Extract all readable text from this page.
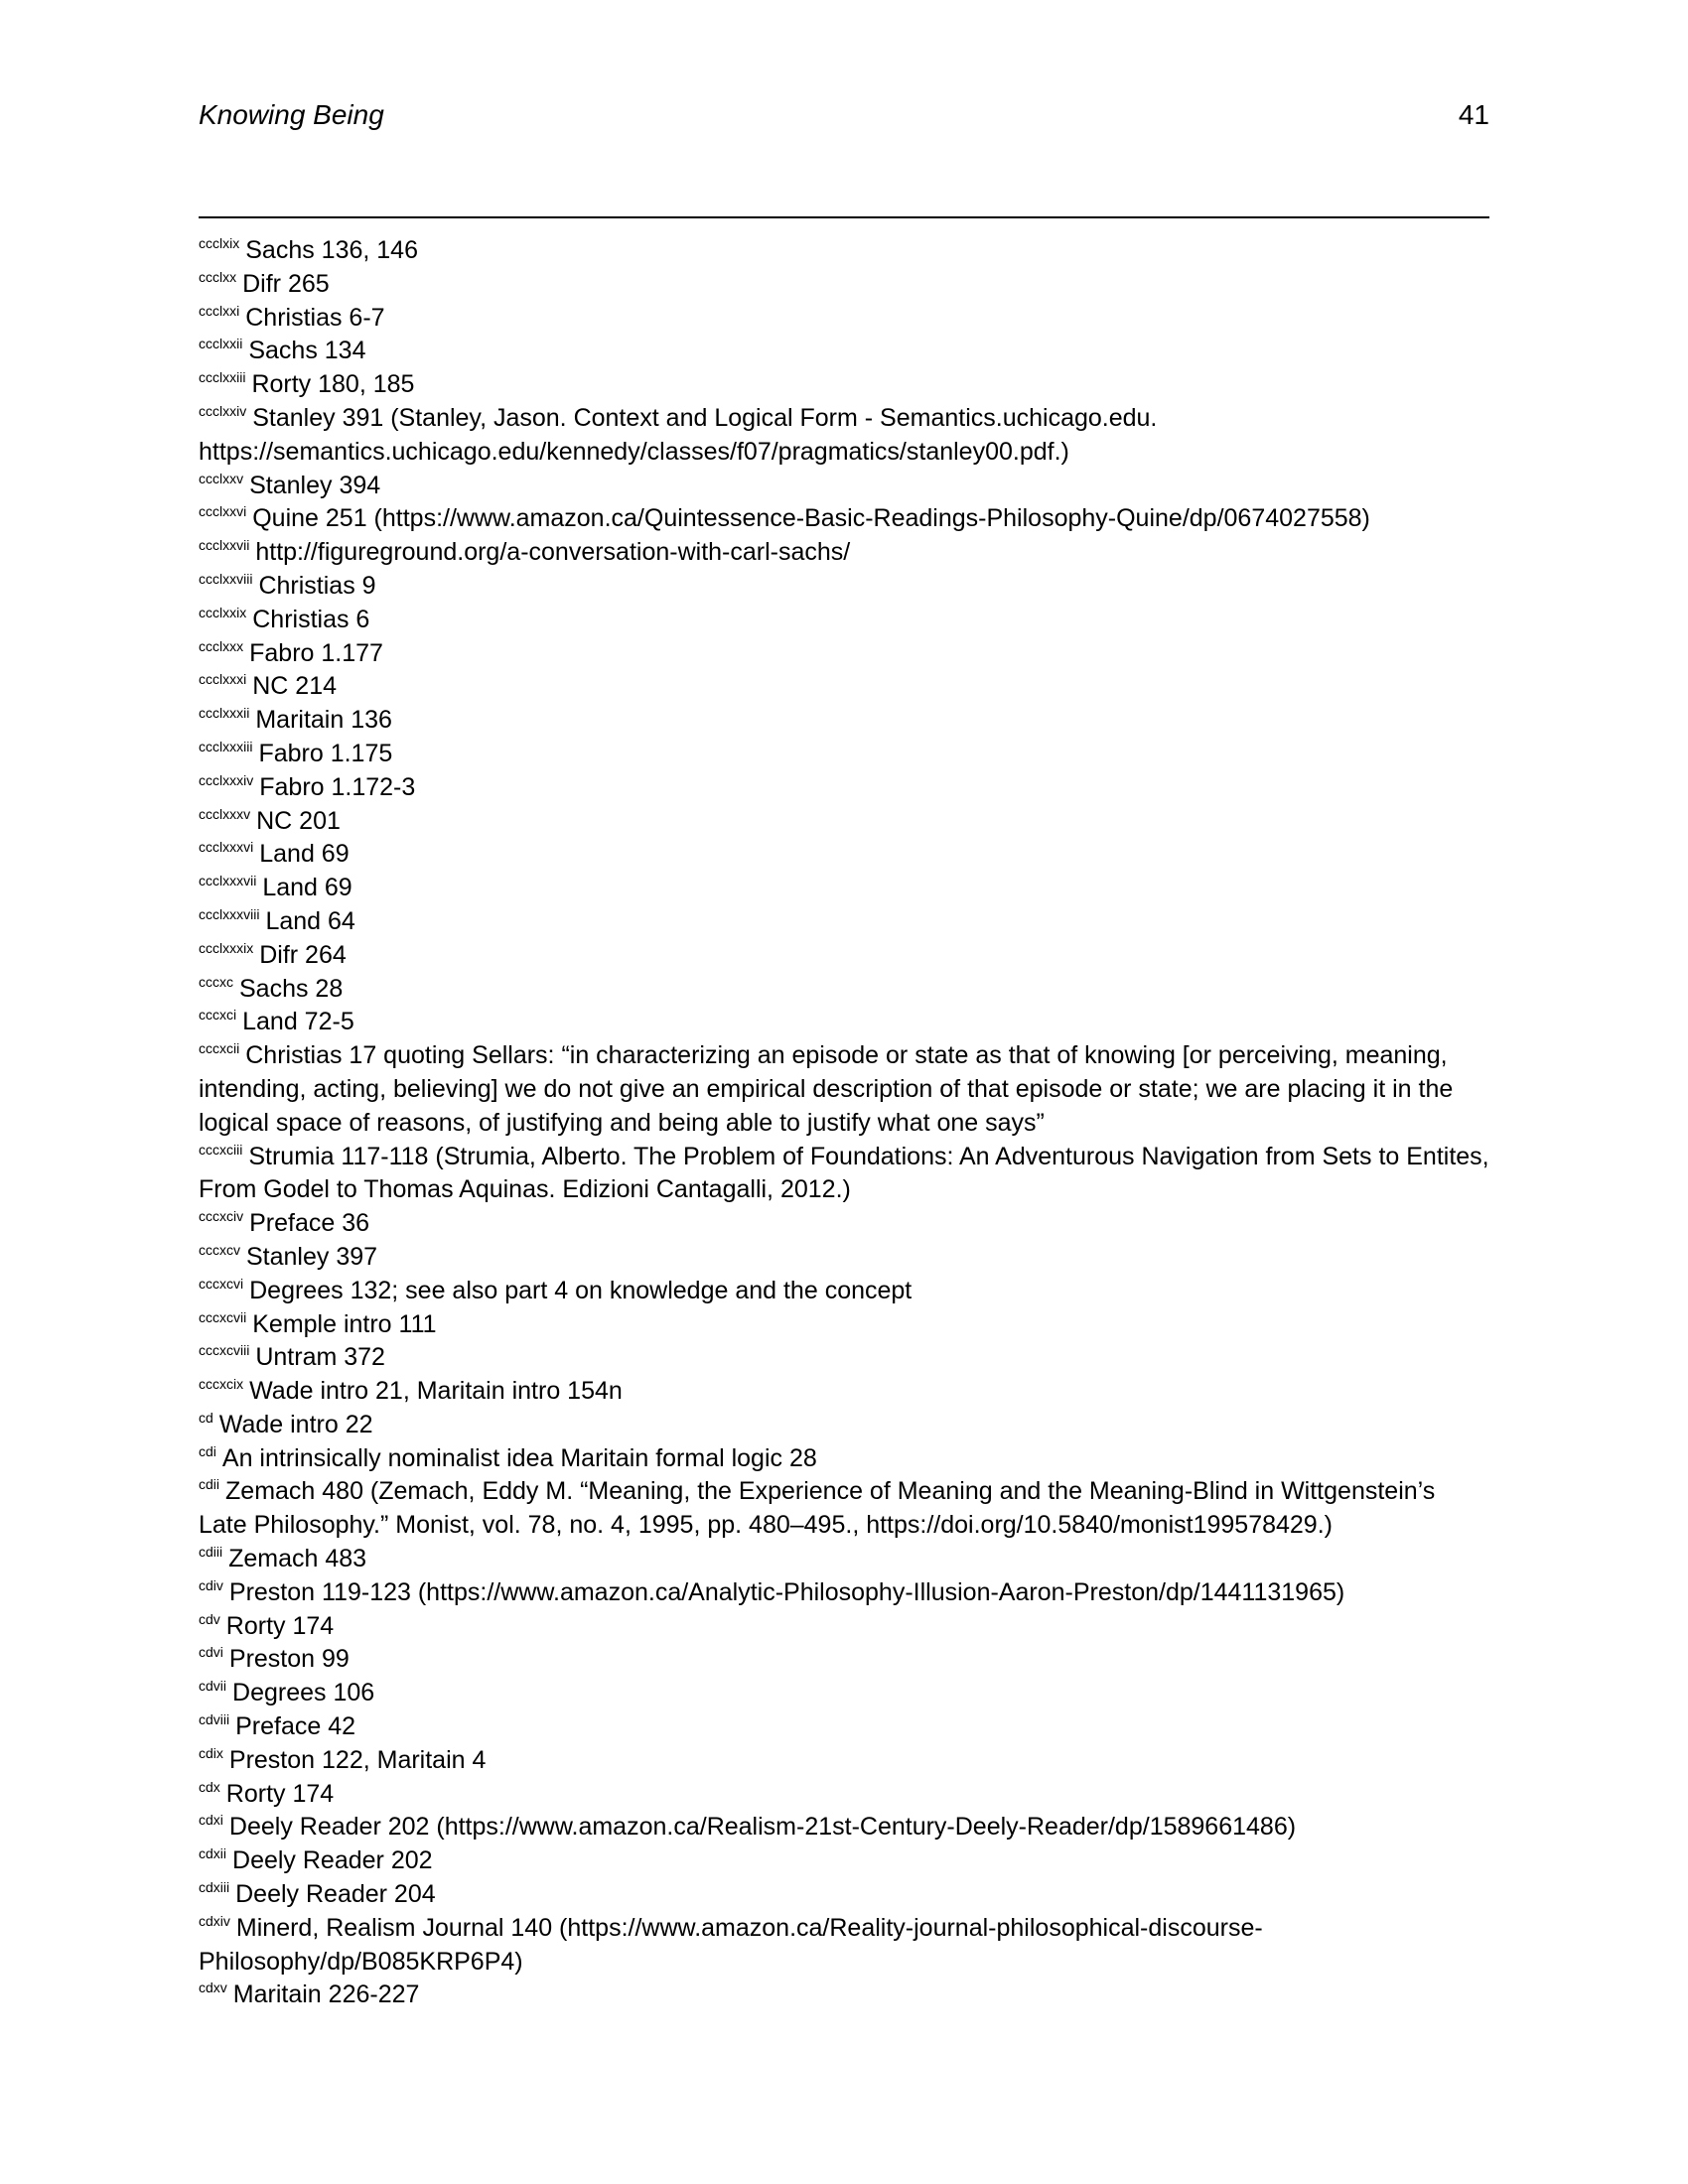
Knowing Being	41
$^{ccclxix}$ Sachs 136, 146
$^{ccclxx}$ Difr 265
$^{ccclxxi}$ Christias 6-7
$^{ccclxxii}$ Sachs 134
$^{ccclxxiii}$ Rorty 180, 185
$^{ccclxxiv}$ Stanley 391 (Stanley, Jason. Context and Logical Form - Semantics.uchicago.edu. https://semantics.uchicago.edu/kennedy/classes/f07/pragmatics/stanley00.pdf.)
$^{ccclxxv}$ Stanley 394
$^{ccclxxvi}$ Quine 251 (https://www.amazon.ca/Quintessence-Basic-Readings-Philosophy-Quine/dp/0674027558)
$^{ccclxxvii}$ http://figureground.org/a-conversation-with-carl-sachs/
$^{ccclxxviii}$ Christias 9
$^{ccclxxix}$ Christias 6
$^{ccclxxx}$ Fabro 1.177
$^{ccclxxxi}$ NC 214
$^{ccclxxxii}$ Maritain 136
$^{ccclxxxiii}$ Fabro 1.175
$^{ccclxxxiv}$ Fabro 1.172-3
$^{ccclxxxv}$ NC 201
$^{ccclxxxvi}$ Land 69
$^{ccclxxxvii}$ Land 69
$^{ccclxxxviii}$ Land 64
$^{ccclxxxix}$ Difr 264
$^{cccxc}$ Sachs 28
$^{cccxci}$ Land 72-5
$^{cccxcii}$ Christias 17 quoting Sellars: “in characterizing an episode or state as that of knowing [or perceiving, meaning, intending, acting, believing] we do not give an empirical description of that episode or state; we are placing it in the logical space of reasons, of justifying and being able to justify what one says”
$^{cccxciii}$ Strumia 117-118 (Strumia, Alberto. The Problem of Foundations: An Adventurous Navigation from Sets to Entites, From Godel to Thomas Aquinas. Edizioni Cantagalli, 2012.)
$^{cccxciv}$ Preface 36
$^{cccxcv}$ Stanley 397
$^{cccxcvi}$ Degrees 132; see also part 4 on knowledge and the concept
$^{cccxcvii}$ Kemple intro 111
$^{cccxcviii}$ Untram 372
$^{cccxcix}$ Wade intro 21, Maritain intro 154n
$^{cd}$ Wade intro 22
$^{cdi}$ An intrinsically nominalist idea Maritain formal logic 28
$^{cdii}$ Zemach 480 (Zemach, Eddy M. “Meaning, the Experience of Meaning and the Meaning-Blind in Wittgenstein’s Late Philosophy.” Monist, vol. 78, no. 4, 1995, pp. 480–495., https://doi.org/10.5840/monist199578429.)
$^{cdiii}$ Zemach 483
$^{cdiv}$ Preston 119-123 (https://www.amazon.ca/Analytic-Philosophy-Illusion-Aaron-Preston/dp/1441131965)
$^{cdv}$ Rorty 174
$^{cdvi}$ Preston 99
$^{cdvii}$ Degrees 106
$^{cdviii}$ Preface 42
$^{cdix}$ Preston 122, Maritain 4
$^{cdx}$ Rorty 174
$^{cdxi}$ Deely Reader 202 (https://www.amazon.ca/Realism-21st-Century-Deely-Reader/dp/1589661486)
$^{cdxii}$ Deely Reader 202
$^{cdxiii}$ Deely Reader 204
$^{cdxiv}$ Minerd, Realism Journal 140 (https://www.amazon.ca/Reality-journal-philosophical-discourse-Philosophy/dp/B085KRP6P4)
$^{cdxv}$ Maritain 226-227
